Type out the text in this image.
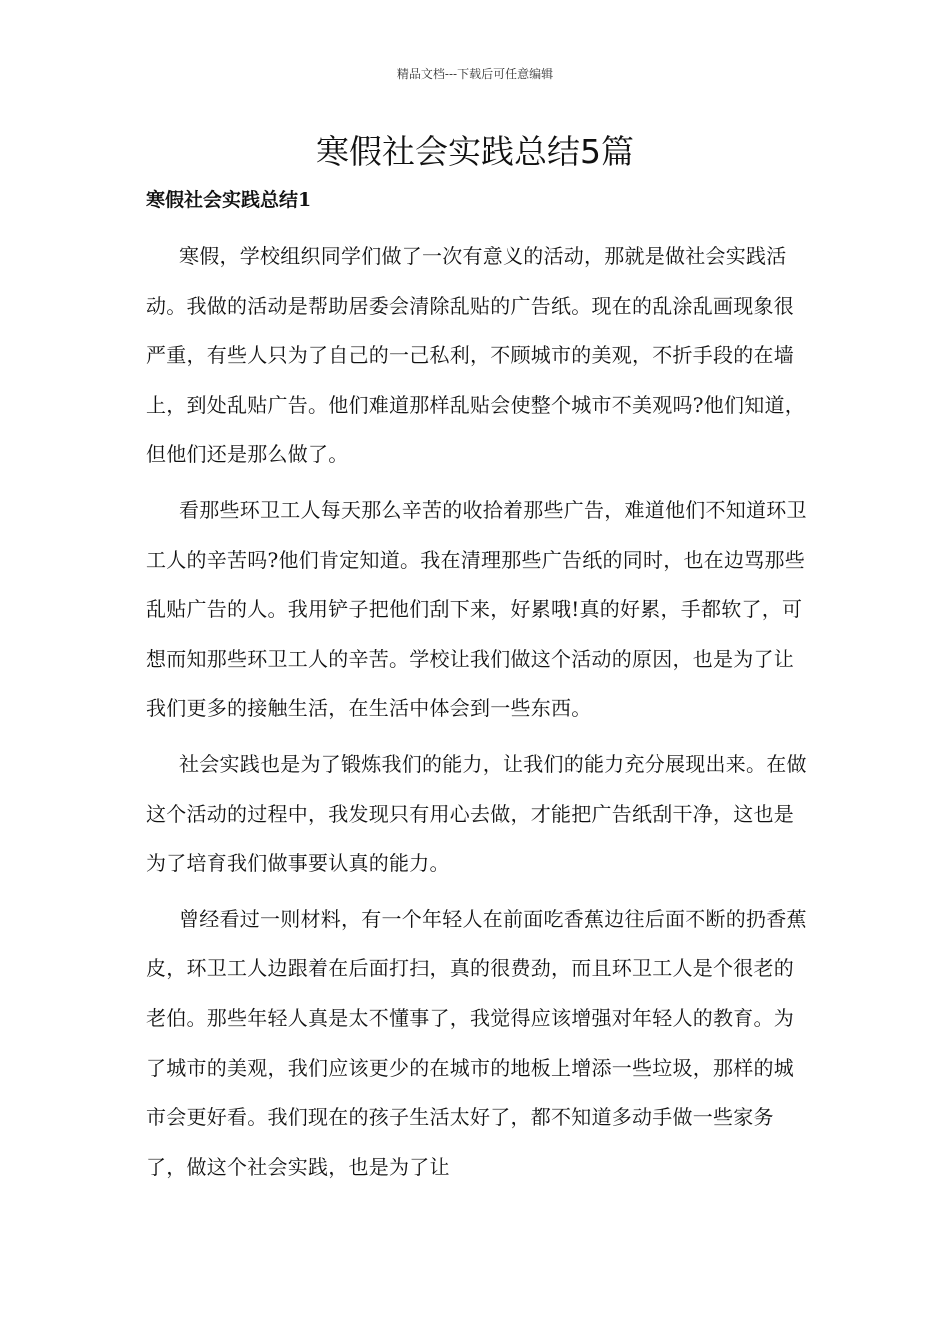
精品文档---下载后可任意编辑
寒假社会实践总结5篇
寒假社会实践总结1

寒假，学校组织同学们做了一次有意义的活动，那就是做社会实践活动。我做的活动是帮助居委会清除乱贴的广告纸。现在的乱涂乱画现象很严重，有些人只为了自己的一己私利，不顾城市的美观，不折手段的在墙上，到处乱贴广告。他们难道那样乱贴会使整个城市不美观吗?他们知道，但他们还是那么做了。

看那些环卫工人每天那么辛苦的收拾着那些广告，难道他们不知道环卫工人的辛苦吗?他们肯定知道。我在清理那些广告纸的同时，也在边骂那些乱贴广告的人。我用铲子把他们刮下来，好累哦!真的好累，手都软了，可想而知那些环卫工人的辛苦。学校让我们做这个活动的原因，也是为了让我们更多的接触生活，在生活中体会到一些东西。

社会实践也是为了锻炼我们的能力，让我们的能力充分展现出来。在做这个活动的过程中，我发现只有用心去做，才能把广告纸刮干净，这也是为了培育我们做事要认真的能力。

曾经看过一则材料，有一个年轻人在前面吃香蕉边往后面不断的扔香蕉皮，环卫工人边跟着在后面打扫，真的很费劲，而且环卫工人是个很老的老伯。那些年轻人真是太不懂事了，我觉得应该增强对年轻人的教育。为了城市的美观，我们应该更少的在城市的地板上增添一些垃圾，那样的城市会更好看。我们现在的孩子生活太好了，都不知道多动手做一些家务了，做这个社会实践，也是为了让
